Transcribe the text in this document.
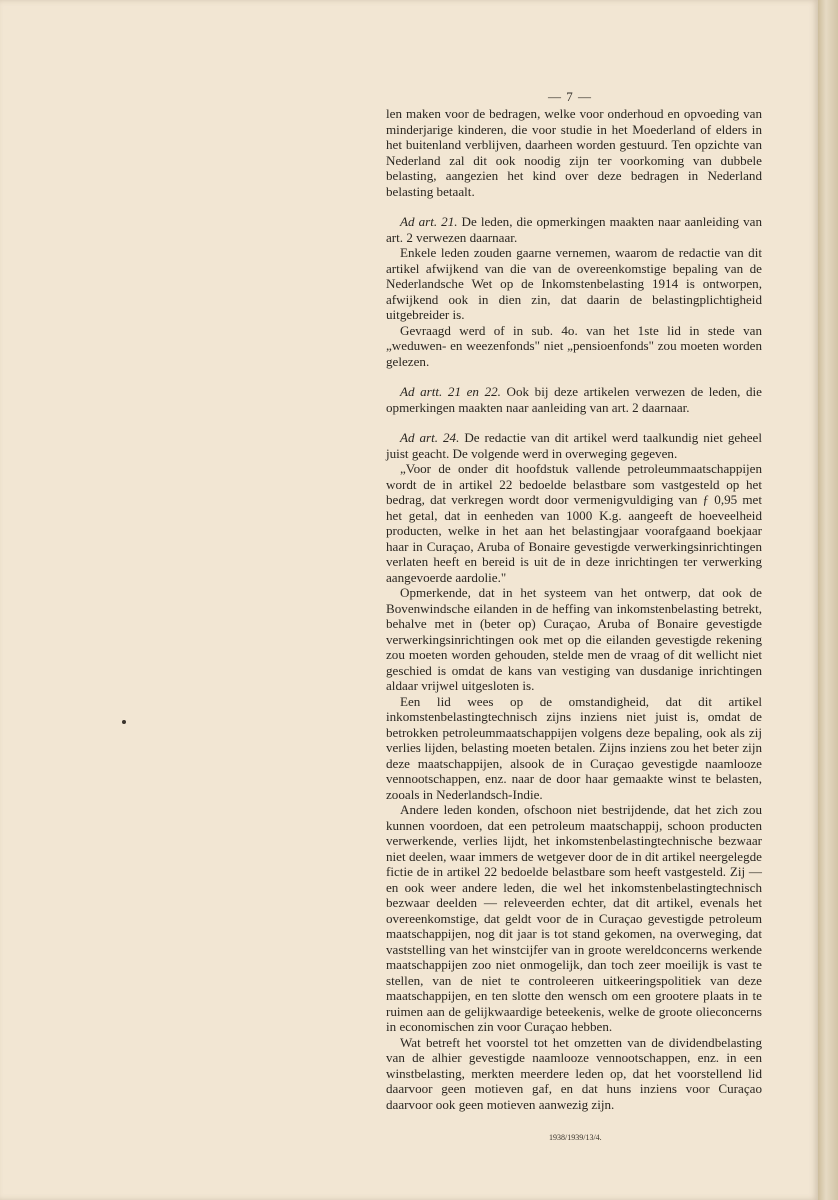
— 7 —

len maken voor de bedragen, welke voor onderhoud en opvoeding van minderjarige kinderen, die voor studie in het Moederland of elders in het buitenland verblijven, daarheen worden gestuurd. Ten opzichte van Nederland zal dit ook noodig zijn ter voorkoming van dubbele belasting, aangezien het kind over deze bedragen in Nederland belasting betaalt.

Ad art. 21. De leden, die opmerkingen maakten naar aanleiding van art. 2 verwezen daarnaar.

Enkele leden zouden gaarne vernemen, waarom de redactie van dit artikel afwijkend van die van de overeenkomstige bepaling van de Nederlandsche Wet op de Inkomstenbelasting 1914 is ontworpen, afwijkend ook in dien zin, dat daarin de belastingplichtigheid uitgebreider is.

Gevraagd werd of in sub. 4o. van het 1ste lid in stede van „weduwen- en weezenfonds" niet „pensioenfonds" zou moeten worden gelezen.

Ad artt. 21 en 22. Ook bij deze artikelen verwezen de leden, die opmerkingen maakten naar aanleiding van art. 2 daarnaar.

Ad art. 24. De redactie van dit artikel werd taalkundig niet geheel juist geacht. De volgende werd in overweging gegeven.

„Voor de onder dit hoofdstuk vallende petroleummaatschappijen wordt de in artikel 22 bedoelde belastbare som vastgesteld op het bedrag, dat verkregen wordt door vermenigvuldiging van ƒ 0,95 met het getal, dat in eenheden van 1000 K.g. aangeeft de hoeveelheid producten, welke in het aan het belastingjaar voorafgaand boekjaar haar in Curaçao, Aruba of Bonaire gevestigde verwerkingsinrichtingen verlaten heeft en bereid is uit de in deze inrichtingen ter verwerking aangevoerde aardolie."

Opmerkende, dat in het systeem van het ontwerp, dat ook de Bovenwindsche eilanden in de heffing van inkomstenbelasting betrekt, behalve met in (beter op) Curaçao, Aruba of Bonaire gevestigde verwerkingsinrichtingen ook met op die eilanden gevestigde rekening zou moeten worden gehouden, stelde men de vraag of dit wellicht niet geschied is omdat de kans van vestiging van dusdanige inrichtingen aldaar vrijwel uitgesloten is.

Een lid wees op de omstandigheid, dat dit artikel inkomstenbelastingtechnisch zijns inziens niet juist is, omdat de betrokken petroleummaatschappijen volgens deze bepaling, ook als zij verlies lijden, belasting moeten betalen. Zijns inziens zou het beter zijn deze maatschappijen, alsook de in Curaçao gevestigde naamlooze vennootschappen, enz. naar de door haar gemaakte winst te belasten, zooals in Nederlandsch-Indie.

Andere leden konden, ofschoon niet bestrijdende, dat het zich zou kunnen voordoen, dat een petroleum maatschappij, schoon producten verwerkende, verlies lijdt, het inkomstenbelastingtechnische bezwaar niet deelen, waar immers de wetgever door de in dit artikel neergelegde fictie de in artikel 22 bedoelde belastbare som heeft vastgesteld. Zij — en ook weer andere leden, die wel het inkomstenbelastingtechnisch bezwaar deelden — releveerden echter, dat dit artikel, evenals het overeenkomstige, dat geldt voor de in Curaçao gevestigde petroleum maatschappijen, nog dit jaar is tot stand gekomen, na overweging, dat vaststelling van het winstcijfer van in groote wereldconcerns werkende maatschappijen zoo niet onmogelijk, dan toch zeer moeilijk is vast te stellen, van de niet te controleeren uitkeeringspolitiek van deze maatschappijen, en ten slotte den wensch om een grootere plaats in te ruimen aan de gelijkwaardige beteekenis, welke de groote olieconcerns in economischen zin voor Curaçao hebben.

Wat betreft het voorstel tot het omzetten van de dividendbelasting van de alhier gevestigde naamlooze vennootschappen, enz. in een winstbelasting, merkten meerdere leden op, dat het voorstellend lid daarvoor geen motieven gaf, en dat huns inziens voor Curaçao daarvoor ook geen motieven aanwezig zijn.

1938/1939/13/4.
